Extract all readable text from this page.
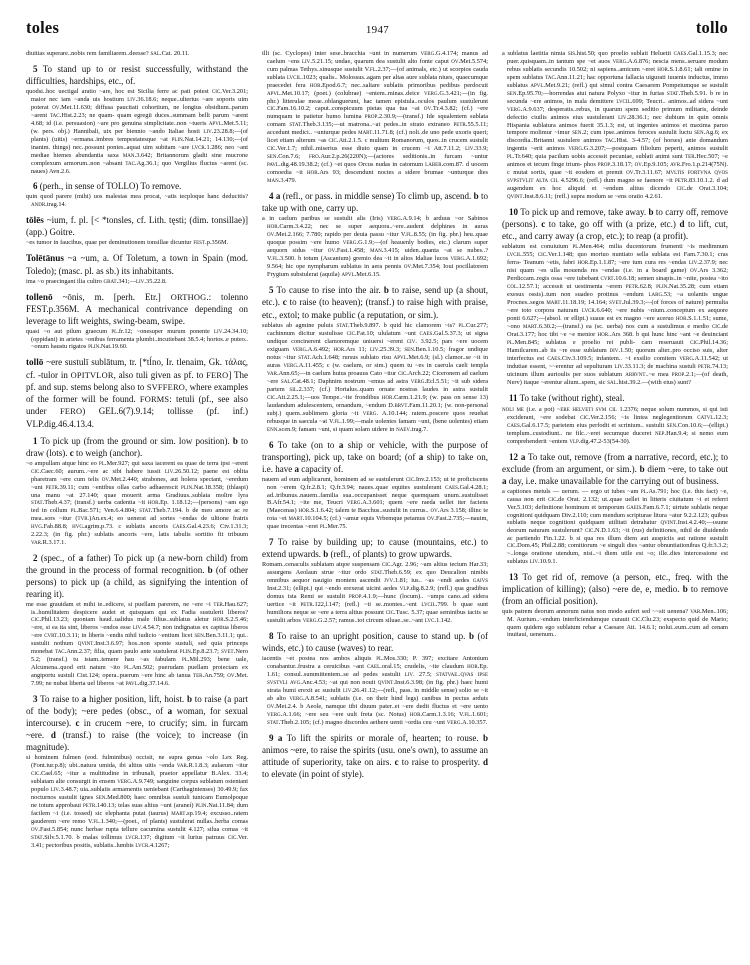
toles	1947	tollo
diuitias superare..nobis rem familiarem..deesse? sal.Cat. 20.11.
5 To stand up to or resist successfully, withstand the difficulties, hardships, etc., of.
quodsi..hoc uectigal aratio ~are, hoc est Sicilia ferre ac pati potest cic.Ver.3.201; maior nec iam ~anda uis hostium liv.36.18.6; neque..ulterius ~are soporis uim poterat ov.Met.11.630; diffusa paucitati cohortium, ne longius obsidium..parum ~arent tac.Hist.2.23; ne quam- quam egregii duces..summam belli parum ~arent 4.68; id (i.e. persuasion) ~are pro genuina simplicitate..non ~tueris apvl.Met.5.11; (w. pers. obj.) Hannibali, uix per biennio ~ando Italiae hosti liv.23.28.8;—(of plants) (uitis) ~ermana..imbres tempestatesque ~at plin.Nat.14.21; 14.130;—(of inanim. things) nec..possunt pontes..aquai uim subitam ~are lvcr.1.286; neo ~ant mediae hiemes abundantia saxa man.3.642; Britannorum gladii sine mucrone complexum armorum..non ~absant tac.Ag.36.1; quo Vergilius fluctus ~arent (sc. naues) Avn.2.6.
6 (perh., in sense of TOLLO) To remove.
quin quod parere (mihi) uos malestas mea procat, ~atis tecploque hanc deducitis? andr.trag.14.
tōlēs ~ium, f. pl. [< *tonsles, cf. Lith. tęsti; (dim. tonsillae)] (app.) Goitre.
~es tumor in faucibus, quae per deminutionem tonsillae dicuntur fest.p.356M.
Tolētānus ~a ~um, a. Of Toletum, a town in Spain (mod. Toledo); (masc. pl. as sb.) its inhabitants.
ima ~o praecingant ilia cultro grat.341;—liv.35.22.8.
tollenō ~ōnis, m. [perh. Etr.] ORTHOG.: tolenno FEST.p.356M. A mechanical contrivance depending on leverage to lift weights, swing-beam, swipe.
quasi ~o aut pilum graecum pl.fr.12; ~onesuper murum ponente liv.24.34.10; (oppidani) in arietes ~onibus ferramenta plumbi..incutiebant 38.5.4; hortos..e puteo.. ~onum haustu rigatos plin.Nat.19.60.
tollō ~ere sustulī sublātum, tr. [*tĺno, Ir. tlenaim, Gk. τάλας, cf. -tulor in OPITVLOR, also tuli given as pf. to FERO] The pf. and sup. stems belong also to SVFFERO, where examples of the former will be found. FORMS: tetuli (pf., see also under FERO) GEL.6(7).9.14; tollisse (pf. inf.) VLP.dig.46.4.13.4.
1 To pick up (from the ground or sim. low position). b to draw (lots). c to weigh (anchor).
~o ampullam atque hinc eo pl.Mer.927; qui saxa iacerent ea quae de terra ipsi ~erent cic.Caec.60; aurum..~ere ac sibi habere iussit liv.26.50.12; paene est oblita pharetram ~ere cum telis ov.Met.2.440; strabones, aut holera spectant, ~eredum ~unt petr.39.11; cum ~entibus ollas carbo adhaerescit plin.Nat.18.358; (thlaspi) una manu ~at 27.140; quae mouerit arma Gradiuus..sublata molire lyra stat.Theb.4.37; (transf.) uerba cadentia ~it hor.Ep. 1.18.12;—(persons) ~am ego ted in collum pl.Bac.571; Ven.6.4.804; stat.Theb.7.194. b de meo amore ac re mea..sors ~itur (tvr.)An.ex.4; eo uenerat ad sortes ~endas de ultione fratris hvg.Fab.88.8; hvg.agrim.p.73. c sublatis ancoris caes.Gal.4.23.6; Civ.1.31.3; 2.22.3; (in fig. phr.) sublatis ancoris ~ere, latis tabulis sortitio fit tribuum var.R.3.17.1.
2 (spec., of a father) To pick up (a new-born child) from the ground in the process of formal recognition. b (of other persons) to pick up (a child, as signifying the intention of rearing it).
me esse grauidam et mihi te..edicere, si puellam parerem, ne ~ere ~i ter.Hau.627; is..humilitatem despicere audet et quisquam qui ex Fadia sustulerit liberos? cic.Phil.13.23; quoniam haud..ualidus male filius..sublatus aletur hor.S.2.5.46; ~ere, si ea ita sint, liberos ~endos esse liv.4.54.7; non indignatus ex captiua liberos ~ere cvrt.10.3.11; in liberis ~endis nihil iudicio ~entium licet sen.Ben.3.11.1; qui.. sustulit nothum qvint.Inst.3.6.97; hos..non sponte sustuli, sed quia princeps monebat tac.Ann.2.37; filia, quam paulo ante sustulerat plin.Ep.8.23.7; svet.Nero 5.2; (transf.) tu istam..temere hau ~as fabulam pl.Mil.293; bene uale, Alcumena..quod erit natum ~ito pl.Am.502; puerudam puellam proiectam ex angiportu sustuli Cist.124; opera..puerum ~ere hinc ab ianua ter.An.759; ov.Met. 7.99; ne nubat liberta uel liberos ~at pavl.dig.37.14.6.
3 To raise to a higher position, lift, hoist. b to raise (a part of the body); ~ere pedes (obsc., of a woman, for sexual intercourse). c in crucem ~ere, to crucify; sim. in furcam ~ere. d (transf.) to raise (the voice); to increase (in magnitude).
si hominem fulmen (eod. fulminibus) occisit, ne supra genua ~olo Lex Reg.(Font.iur.p.8); ubi..natura umida, ibi altius uitis ~enda var.R.1.8.3; aulaeum ~itur cic.Cael.65; ~itur a multitudine in tribunali, praetor appellatur B.Alex. 33.4; sublatam alte consurgit in ensem verg.A.9.749; sanguine corpus sublatum ostentant populo liv.3.48.7; uia..sublatis armamentis ueniebant (Carthaginienses) 30.49.9; fax nocturnos sustulit ignes sen.Med.800; haec omnibus sustuli tunicam Eumolpoque ne totum approbaui petr.140.13; telas suas altius ~unt (araneí) plin.Nat.11.84; dum facilem ~i (i.e. tossed) sic elephanta putat (taurus) mart.sp.19.4; excusso..ratem gauderem ~ere remo V.fl.1.340;—(poet., of plants) sustulerat nullas..herba comas ov.Fast.5.854; nunc herbae rupta tellure cacumina sustulit 4.127; silua comas ~it stat.Silv.5.1.70. b malas tollimus lvcr.137; digitum ~it lurius patruus cic.Ver. 3.41; pectoribus positis, sublatis..lumbis lvcr.4.1267;
illi (sc. Cyclopes) inter sese..bracchia ~unt in numerum verg.G.4.174; manus ad caelum ~ens liv.5.21.15; undae, quarum dea sustulit alto fonte caput ov.Met.5.574; cum palmas Tethys..sinusque sustulit V.fl.2.37;—(of animals, etc.) ut scorpios cauda sublata lvcil.1023; qualis.. Molossus..agam per altas aure sublata niues, quaecumque praecedet fera hor.Epod.6.7; nec..saltare sublatis primoribus pedibus perdocuit apvl.Met.10.17; (poet.) (colubrae) ~entem..minas..deice verg.G.3.421;—(in fig. phr.) litterulae meae..oblanguerunt, hac tamen epistula..oculos paulum sustulerunt cic.Fam.16.10.2; caput..conspicuum pietas qua tua ~at ov.Tr.4.3.82; (cf.) ~ere numquam te patietur humo lumina prop.2.30.9;—(transf.) Ide squalentem sublata comam stat.Theb.3.135;—ut matrona..~at pedes..in strato extraneo petr.55.5.11; accedunt medici.. ~unturque pedes mart.11.71.8; (cf.) noli..de uno pede uxoris queri; licet etiam alterum ~as cic.Att.2.1.5. c multum Romanorum, quos..in crucem sustulit cic.Ver.1.7; nihil..miserius esse diuto quam in crucem ~i Att.7.11.2; liv.33.9; sen.Con.7.6; fro.Aur.2.p.26(220N);—(actores seditionis..in furcam ~untur pavl.dig.48.19.38.2; (cf.) ~et quos Orcus nudas in catomum laber.com.87. d uocem comoedia ~it hor.Ars 93; descendunt noctes a sidere brumae ~unturque dies man.3.479.
4 a (refl., or pass. in middle sense) To climb up, ascend. b to take up with one, carry up.
a in caelum paribus se sustulit alis (Iris) verg.A.9.14; b arduus ~or Sabinos hor.Carm.3.4.22; nec se super aequora..~ere..audent delphines in auras ov.Met.2.166; 7.780; rapido per deuia passu ~itur V.fl.8.55; (in fig. phr.) heu..quae quoque possim ~ere humo verg.G.1.9;—(of heauenly bodies, etc.) clarum super aequorn sidus ~itur ov.Fast.1.458; man.3.415; uiden..quanta ~at se nubes..? V.fl.3.500. b totum (Ascanium) gremio dea ~it in altos Idaliae lucos verg.A.1.692; 9.564; hic ope nympharum sublatus in aera pennis ov.Met.7.354; Ioui pocillatorem Frygium substulerat (aquila) apvl.Met.6.15.
5 To cause to rise into the air. b to raise, send up (a shout, etc.). c to raise (to heaven); (transf.) to raise high with praise, etc., extol; to make public (a reputation, or sim.).
sublatus ab agmine puluis stat.Theb.9.897. b quid hic clamorem ~is? pl.Cur.277; cachinnum dicitur sustulisse cic.Fat.10; ululatum ~unt caes.Gal.5.37.3; ut signa undique concinerent clamoremque uniuersi ~erent civ. 3.92.5; pars ~ere uocem exiguam verg.A.6.492; hor.Ars 11; liv.25.39.3; sen.Ben.1.10.5; fragor undique notus ~itur stat.Ach.1.648; rursus sublato risu apvl.Met.6.9; (sl.) clamor..se ~it in auras verg.A.11.455; c (w. caelum, or sim.) quem tu ~es in caerula caeli templa var.Ann.65;—in caelum huius proauus Cato ~itur cic.Arch.22; Ciceronem ad caelum ~ere sal.Cat.48.1; Daphnim nostrum ~emus ad astra verg.Ecl.5.51; ~it sub sidera partem sil.2.337; (cf.) Hortalus..quam ornate nostras laudes in astra sustulit cic.Att.2.25.1;—uos Tempe..~ite frondibus hor.Carm.1.21.9; (w. pass on sense 13) laudandum adulescentem, ornandum, ~endum D.brvt.Fam.11.20.1; (w. non-personal subj.) quem..sublimem gloria ~it verg. A.10.144; ratem..poscere quos reuehat rebusque in saecula ~at V.fl.1.99;—male uolentes famam ~unt, (bene uolentes) etiam enn.scen.9; famam ~unt, si quam solam uidere in naev.trag.7.
6 To take (on to a ship or vehicle, with the purpose of transporting), pick up, take on board; (of a ship) to take on, i.e. have a capacity of.
nauem ad eum adplicarunt, hominem ad se sustulerunt cic.Inv.2.153; ut te proficiscens non ~erem Q.fr.2.8.1; Q.fr.3.94; naues..quae equites sustulerant caes.Gal.4.28.1; ad..tribunus..nauem..familia sua..occupanisset neque quemquam unum..sustulisset B.Afr.54.1; ~ite me, Teucri verg.A.3.601; quem ~ere raeda uellet iter faciens (Maecenas) hor.S.1.6.42; talem te Bacchus..sustulit in currus.. ov.Ars 3.158; illinc te rota ~et mart.10.104.5; (cf.) ~amur equis Vrbemque petamus ov.Fast.2.735;—nauim, quae trecentas ~eret pl.Mer.75.
7 To raise by building up; to cause (mountains, etc.) to extend upwards. b (refl., of plants) to grow upwards.
Romam..cenaculis sublatam atqoe suspensam cic.Agr. 2.96; ~am altius tectum Har.33; assurgens Aeolaun strue ~itur ordo stat.Theb.6.59; ex quo Deucalion nimbis omnibus aequor nauigio montem ascendit jvv.1.81; ius.. ~as ~endi aedes gaivs Inst.2.31; (ellipt.) qui ~endo erexerat uicini aedes vlp.dig.8.2.9; (refl.) qua gradibus domus ista Remi se sustulit prop.4.1.9;—hunc (locum).. ~umps cano..ad sidera uertice ~it petr.122,l.147; (refl.) ~ti se..montes..~ent lvcil.799. b quae sunt humiliora neque se ~ere a terra altius possunt cic.Tusc. 5.37; quae seminibus iactis se sustulit arbos verg.G.2.57; ramus..tot circum siluae..se..~ant lvc.1.142.
8 To raise to an upright position, cause to stand up. b (of winds, etc.) to cause (waves) to rear.
iacentis ~et postea nos ambos aliquis pl.Mos.330; P. 397; excitare Antonium conabantur..frustra a ceruicibus ~ant cael.oral.15; crudelis, ~ite claudum hor.Ep. 1.61; consul..summittentem..se ad pedes sustulit liv. 27.5; statvae..qvas ipse svstvli avg.Anc.4.53; ~at qui non nouit qvint.Inst.6.3.98; (in fig. phr.) haec humi strata humi erexit ac sustulit liv.26.41.12;—(refl., pass. in middle sense) solio se ~it ab alto verg.A.8.541; sublatis (i.e. on their hind legs) canibus in pectus arduis ov.Met.2.4. b Aeole, namque tibi diuum pater..et ~ere dedit fluctus et ~ere uento verg.A.1.66; ~ere seu ~ere uult freta (sc. Notus) hor.Carm.1.3.16; V.fl.1.601; stat.Theb.2.105; (cf.) magno discordes aethere uenti ~ordia ceu ~unt verg.A.10.357.
9 a To lift the spirits or morale of, hearten; to rouse. b animos ~ere, to raise the spirits (usu. one's own), to assume an attitude of superiority, take on airs. c to raise to prosperity. d to elevate (in point of style).
a sublatus laetitia nimia sis.hist.50; quo proelio sublati Heluetii caes.Gal.1.15.3; nec puer..quisquam..in tantum spe ~et auos verg.A.6.876; nescia mens..seruare modum rebus sublatis secundis 10.502; ni sapiens..amicum ~eret hor.S.1.8.61; tali omine in spem sublatus tac.Ann.11.21; hac opportuna fallacia uigurati iuuenis inductus, immo sublatus apvl.Met.9.21; (refl.) qui simul contra Caesarem Pompeiumque se sustulit sen.Ep.95.70;—horrendas atui natura Polyxo ~itur in furias stat.Theb.5.91. b re in secunda ~ere animos, in mala demittere lvcil.699; Teucri.. animos..ad sidera ~unt verg.A.9.637; desperatis..rebus, in quarum spem seditio primum militaris, deinde defectio ciuilis animos eius sustulerant liv.28.36.1; nec dubium in quin omnis Hispania sublatura animos fuerit 35.1.3; est, ut ingentes animos et maxima paruo tempore molimur ~imur sen.2; cum ipse..animos feroces sustulit luctu sen.Ag.6; ex discordia..Britanni sustulere animos tac.Hist. 3-4.57; (of horses) ante domandum ingentis ~erit animos verg.G.3.207;—postquam filiolum peperit, animos sustulit pl.Tr.640; quia pacilum uobis accessit pecuniae, sublati animi sunt ter.Hec.507; ~e animos et tecum finge trium- phos prop.3.18.17; ov.Ep.9.105; avr.Fro.1.p.214(75N). c mutat sortis, quae ~it eosdem et premit ov.Tr.3.11.67; mvltis fortvna qvos svpstvlit alta cil 4.5296.6; (refl.) dum magno se faenore ~it petr.83.10.1.2. d ad augendum ex hoc aliquid et ~endum altius dicendo cic.de Orat.3.104; qvint.Inst.8.6.11; (refl.) supra modum se ~ens oratio 4.2.61.
10 To pick up and remove, take away. b to carry off, remove (persons). c to take, go off with (a prize, etc.) d to lift, cut, etc., and carry away (a crop, etc.); to reap (a profit).
sublatum est conuiuium pl.Men.464; milia ducentorum frumenti ~is medimnum lvcil.555; cic.Ver.1.148; quo mortuo nuntiato sella sublata est Fam.7.30.1; cras ferra- Teanum ~etis, fabri hor.Ep.1.1.87; ~ere tum cura res ~endas liv.2.37.9; nec nisi quam ~es ulla mouenda res ~endas (i.e. in a board game) ov.Ars 3.362; Perdiccam..regis ossa ~ere iubebant cvrt.10.6.18; semen sinapis..in ~nite, postea ~ito col.12.57.1; accessit ut uestimenta ~erem petr.62.8; plin.Nat.35.28; cum etiam exesus ossis)..tum non suadeo protinus ~endum larg.53; ~a uolantis ungue Procnes..segos mart.11.18.19; 14.164; svet.Jul.39.3;—(of forces of nature) permulta ~ere toto corpora naturam lvcr.6.640; ~ere nubis ~nium..conceptum ex aequore ponti 6.627;—(absol. or ellipt.) suaue est ex magno ~ere aceruo hor.S.1.1.51; sume, ~ono mart.6.30.2;—(transf.) ea (sc. uerba) nos cum a sustulimus e medio cic.de Orat.3.177; hoc tibi ~e ~e menior hor..Ars 368. b qui hunc hinc ~ant ~e deuinciant pl.Men.845; sublatus e proelio rei publi- cam reseruauit cic.Phil.14.36; Hamilcarem..ab iis ~re esse sublatum div.1.50; quorum alter..pro occiso suis, alter interfectus est caes.Civ.3.109.5; infantem.. ~t exsilio comitem verg.A.11.542; ut indutiae essent, ~~erentur ad sepulturam liv.33.11.3; de machina sustuli petr.74.13; uicinum illum aurioulis per suos sublatum arrvnt..~e mea prop.2.1;—(of death, Nerv) itaque ~erentur alium..spem, sic sal.hist.39.2.—(with eius) sunt?
11 To take (without right), steal.
noli me (i.e. a pot) ~ere helveti svm cil 1.2376; neque solum nummos, si qui isti exciderant, ~ere sodebat cic.Ver.2.156; ~is lintea neglegentiorum catvl.12.3; caes.Gal.6.17.5; parietem eius perfodit et scrinium.. sustulit sen.Con.10.6;—(ellipt.) templum..custodiunt.. ne filc..~eret secumque duceret nep.Han.9.4; si nemo eum comprehenderit ~entem vlp.dig.47.2-53(54-30).
12 a To take out, remove (from a narrative, record, etc.); to exclude (from an argument, or sim.). b diem ~ere, to take out a day, i.e. make unavailable for the carrying out of business.
a captiones metuls — uerum. — ergo ut iubes ~am pl.As.791; hoc (i.e. this fact) ~e, causa non erit cic.de Orat. 2.132; ut..quae uellet in litteris ciuitatum ~i et referri Ver.5.103; definitione hominum et temporum gaeis.Fam.6.7.1; uirtute sublatis neque cognitioni quidquam Div.2.110; cum mendum scripturae litura ~atur 9.2.2.123; quibus sublatis neque cognitioni quidquam utilitati detrahatur qvint.Inst.4.2.40;—ısuıne deorum naturam sustulerunt? cic.N.D.1.63; ~it (rus) definitiones, nihil de diuidendo ac partiendo Fin.1.22. b si qua res illum diem aut auspiciis aut ratione sustulit cic.Dom.45; Phil.2.88; comitiorum ~e singuli dies ~antur obnuntiationibus Q.fr.3.3.2; ~..longa oratione utendum, nisi..~i diem utile est ~o; ille..dies intercessione est sublatus liv.10.9.1.
13 To get rid of, remove (a person, etc., freq. with the implication of killing); (also) ~ere de, e, medio. b to remove (from an official position).
quis patrem deorum annorum natus non modo aufert sed ~~sit uenena? var.Men..106; M. Aurium..~endum interficiendumque curauit cic.Clu.23; exspecto quid de Mario; quem quidem ego sublatum rebar a Caesare Att. 14.6.1; nolui..eum..cum ad cenam inuitaui, uenenum..
